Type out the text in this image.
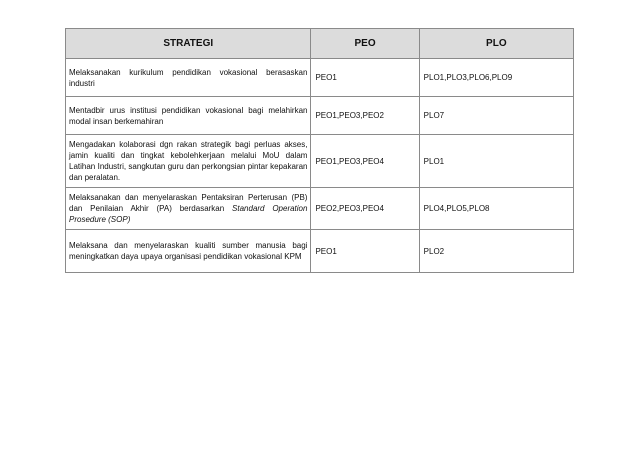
STRATEGI	PEO	PLO
Melaksanakan kurikulum pendidikan vokasional berasaskan industri	PEO1	PLO1,PLO3,PLO6,PLO9
Mentadbir urus institusi pendidikan vokasional bagi melahirkan modal insan berkemahiran	PEO1,PEO3,PEO2	PLO7
Mengadakan kolaborasi dgn rakan strategik bagi perluas akses, jamin kualiti dan tingkat kebolehkerjaan melalui MoU dalam Latihan Industri, sangkutan guru dan perkongsian pintar kepakaran dan peralatan.	PEO1,PEO3,PEO4	PLO1
Melaksanakan dan menyelaraskan Pentaksiran Perterusan (PB) dan Penilaian Akhir (PA) berdasarkan Standard Operation Prosedure (SOP)	PEO2,PEO3,PEO4	PLO4,PLO5,PLO8
Melaksana dan menyelaraskan kualiti sumber manusia bagi meningkatkan daya upaya organisasi pendidikan vokasional KPM	PEO1	PLO2
